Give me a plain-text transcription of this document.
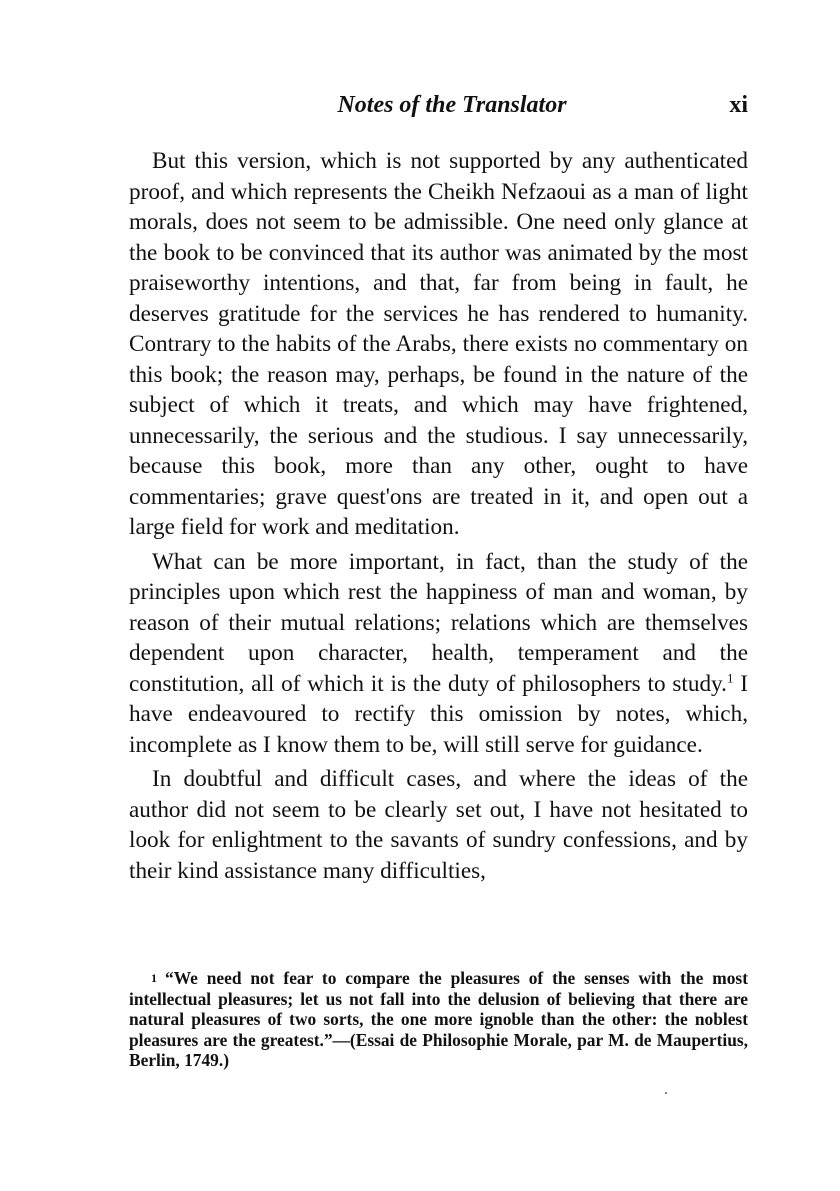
Notes of the Translator	xi

But this version, which is not supported by any authenticated proof, and which represents the Cheikh Nefzaoui as a man of light morals, does not seem to be admissible. One need only glance at the book to be convinced that its author was animated by the most praiseworthy intentions, and that, far from being in fault, he deserves gratitude for the services he has rendered to humanity. Contrary to the habits of the Arabs, there exists no commentary on this book; the reason may, perhaps, be found in the nature of the subject of which it treats, and which may have frightened, unnecessarily, the serious and the studious. I say unnecessarily, because this book, more than any other, ought to have commentaries; grave quest'ons are treated in it, and open out a large field for work and meditation.

What can be more important, in fact, than the study of the principles upon which rest the happiness of man and woman, by reason of their mutual relations; relations which are themselves dependent upon character, health, temperament and the constitution, all of which it is the duty of philosophers to study.$^1$ I have endeavoured to rectify this omission by notes, which, incomplete as I know them to be, will still serve for guidance.

In doubtful and difficult cases, and where the ideas of the author did not seem to be clearly set out, I have not hesitated to look for enlightment to the savants of sundry confessions, and by their kind assistance many difficulties,

1 “We need not fear to compare the pleasures of the senses with the most intellectual pleasures; let us not fall into the delusion of believing that there are natural pleasures of two sorts, the one more ignoble than the other: the noblest pleasures are the greatest.”—(Essai de Philosophie Morale, par M. de Maupertius, Berlin, 1749.)
